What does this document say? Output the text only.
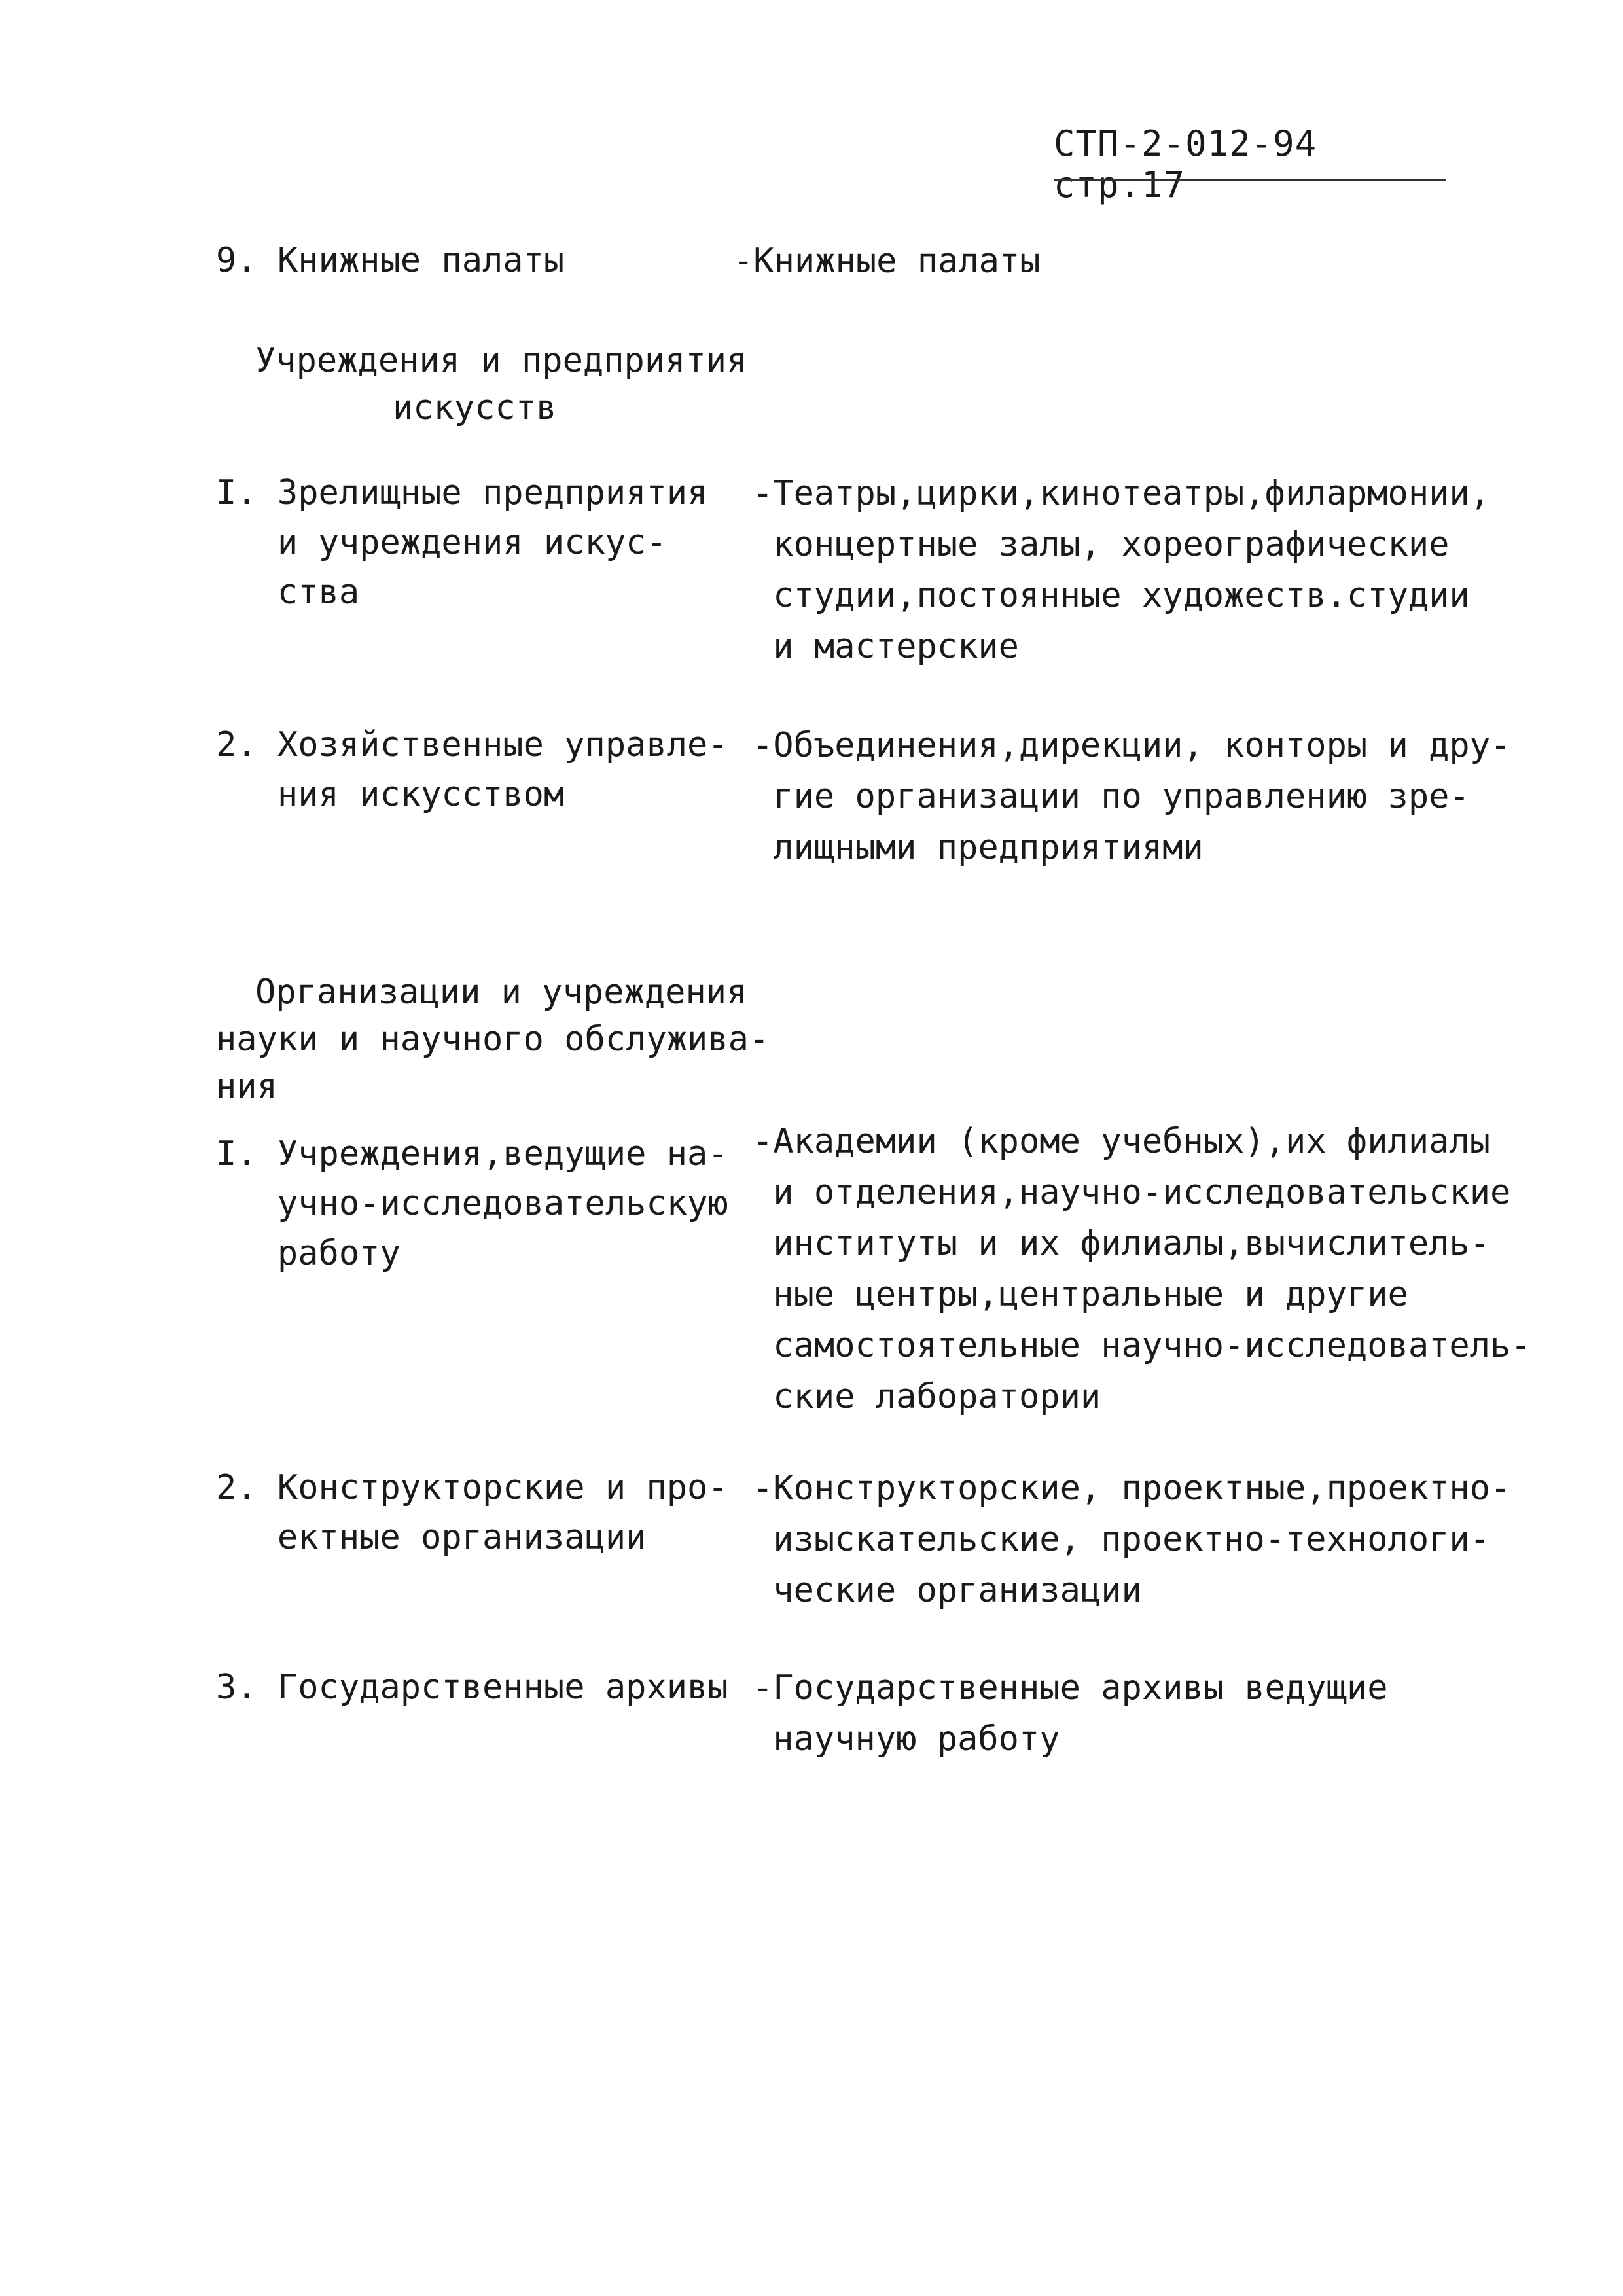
СТП-2-012-94 стр.17
9. Книжные палаты	-Книжные палаты
Учреждения и предприятия
искусств
I. Зрелищные предприятия
и учреждения искус-
ства
-Театры,цирки,кинотеатры,филармонии,
концертные залы, хореографические
студии,постоянные художеств.студии
и мастерские
2. Хозяйственные управле-
ния искусством
-Объединения,дирекции, конторы и дру-
гие организации по управлению зре-
лищными предприятиями
Организации и учреждения
науки и научного обслужива-
ния
I. Учреждения,ведущие на-
учно-исследовательскую
работу
-Академии (кроме учебных),их филиалы
и отделения,научно-исследовательские
институты и их филиалы,вычислитель-
ные центры,центральные и другие
самостоятельные научно-исследователь-
ские лаборатории
2. Конструкторские и про-
ектные организации
-Конструкторские, проектные,проектно-
изыскательские, проектно-технологи-
ческие организации
3. Государственные архивы -Государственные архивы ведущие
научную работу
